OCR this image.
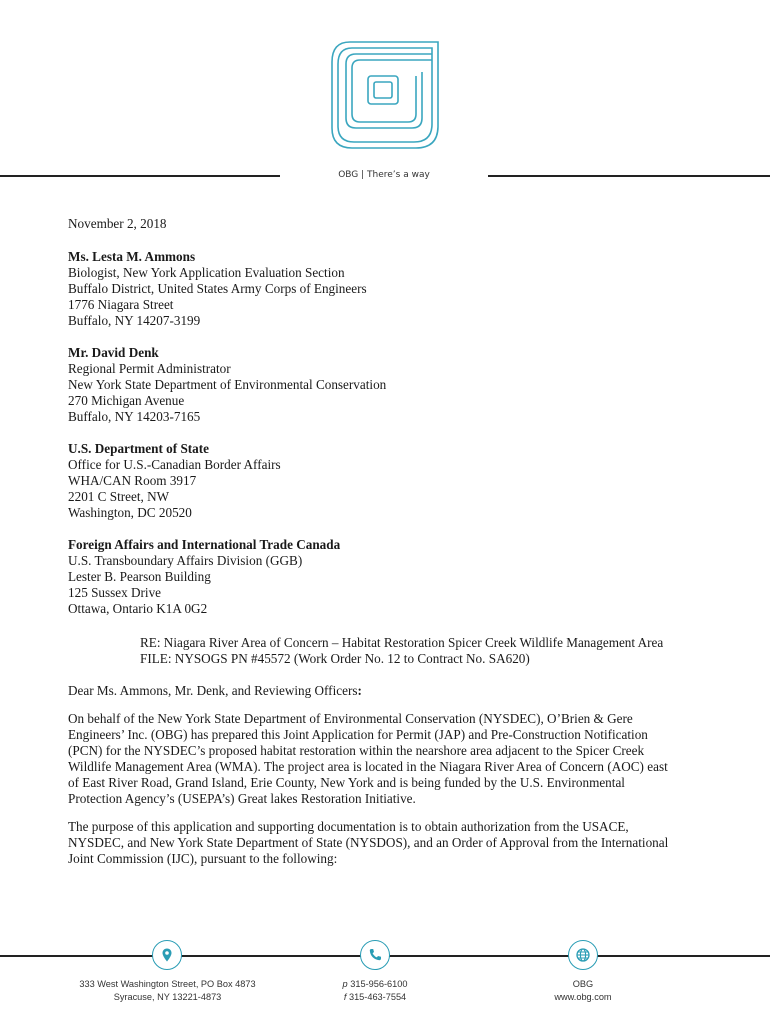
OBG | There’s a way
November 2, 2018
Ms. Lesta M. Ammons
Biologist, New York Application Evaluation Section
Buffalo District, United States Army Corps of Engineers
1776 Niagara Street
Buffalo, NY 14207-3199
Mr. David Denk
Regional Permit Administrator
New York State Department of Environmental Conservation
270 Michigan Avenue
Buffalo, NY 14203-7165
U.S. Department of State
Office for U.S.-Canadian Border Affairs
WHA/CAN Room 3917
2201 C Street, NW
Washington, DC 20520
Foreign Affairs and International Trade Canada
U.S. Transboundary Affairs Division (GGB)
Lester B. Pearson Building
125 Sussex Drive
Ottawa, Ontario K1A 0G2
RE: Niagara River Area of Concern – Habitat Restoration Spicer Creek Wildlife Management Area
FILE: NYSOGS PN #45572 (Work Order No. 12 to Contract No. SA620)
Dear Ms. Ammons, Mr. Denk, and Reviewing Officers:
On behalf of the New York State Department of Environmental Conservation (NYSDEC), O’Brien & Gere
Engineers’ Inc. (OBG) has prepared this Joint Application for Permit (JAP) and Pre-Construction Notification
(PCN) for the NYSDEC’s proposed habitat restoration within the nearshore area adjacent to the Spicer Creek
Wildlife Management Area (WMA). The project area is located in the Niagara River Area of Concern (AOC) east
of East River Road, Grand Island, Erie County, New York and is being funded by the U.S. Environmental
Protection Agency’s (USEPA’s) Great lakes Restoration Initiative.
The purpose of this application and supporting documentation is to obtain authorization from the USACE,
NYSDEC, and New York State Department of State (NYSDOS), and an Order of Approval from the International
Joint Commission (IJC), pursuant to the following:
333 West Washington Street, PO Box 4873
Syracuse, NY 13221-4873
p 315-956-6100
f 315-463-7554
OBG
www.obg.com
